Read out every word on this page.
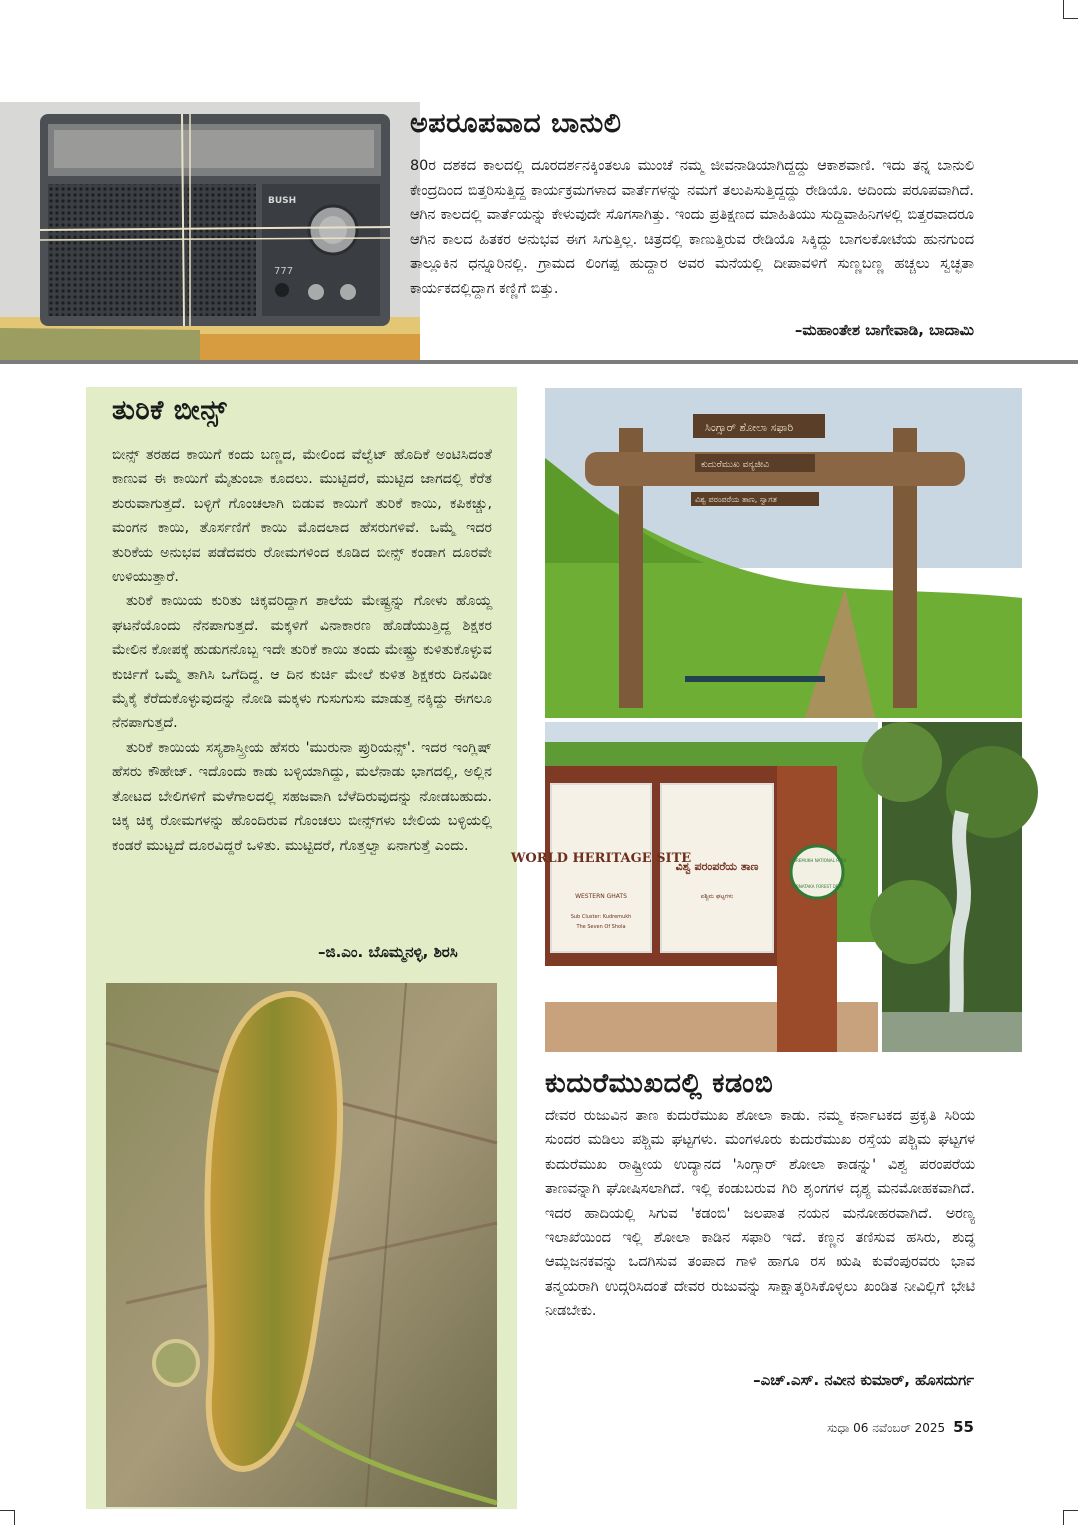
BUSH
777
ಅಪರೂಪವಾದ ಬಾನುಲಿ
80ರ ದಶಕದ ಕಾಲದಲ್ಲಿ ದೂರದರ್ಶನಕ್ಕಿಂತಲೂ ಮುಂಚೆ ನಮ್ಮ ಜೀವನಾಡಿಯಾಗಿದ್ದದ್ದು ಆಕಾಶವಾಣಿ. ಇದು ತನ್ನ ಬಾನುಲಿ ಕೇಂದ್ರದಿಂದ ಬಿತ್ತರಿಸುತ್ತಿದ್ದ ಕಾರ್ಯಕ್ರಮಗಳಾದ ವಾರ್ತೆಗಳನ್ನು ನಮಗೆ ತಲುಪಿಸುತ್ತಿದ್ದದ್ದು ರೇಡಿಯೊ. ಅದಿಂದು ಪರೂಪವಾಗಿದೆ. ಆಗಿನ ಕಾಲದಲ್ಲಿ ವಾರ್ತೆಯನ್ನು ಕೇಳುವುದೇ ಸೊಗಸಾಗಿತ್ತು. ಇಂದು ಪ್ರತಿಕ್ಷಣದ ಮಾಹಿತಿಯು ಸುದ್ದಿವಾಹಿನಿಗಳಲ್ಲಿ ಬಿತ್ತರವಾದರೂ ಆಗಿನ ಕಾಲದ ಹಿತಕರ ಅನುಭವ ಈಗ ಸಿಗುತ್ತಿಲ್ಲ. ಚಿತ್ರದಲ್ಲಿ ಕಾಣುತ್ತಿರುವ ರೇಡಿಯೊ ಸಿಕ್ಕಿದ್ದು ಬಾಗಲಕೋಟೆಯ ಹುನಗುಂದ ತಾಲ್ಲೂಕಿನ ಧನ್ನೂರಿನಲ್ಲಿ. ಗ್ರಾಮದ ಲಿಂಗಪ್ಪ ಹುದ್ದಾರ ಅವರ ಮನೆಯಲ್ಲಿ ದೀಪಾವಳಿಗೆ ಸುಣ್ಣಬಣ್ಣ ಹಚ್ಚಲು ಸ್ವಚ್ಛತಾ ಕಾರ್ಯಕದಲ್ಲಿದ್ದಾಗ ಕಣ್ಣಿಗೆ ಬಿತ್ತು.
–ಮಹಾಂತೇಶ ಬಾಗೇವಾಡಿ, ಬಾದಾಮಿ
ತುರಿಕೆ ಬೀನ್ಸ್

ಬೀನ್ಸ್ ತರಹದ ಕಾಯಿಗೆ ಕಂದು ಬಣ್ಣದ, ಮೇಲಿಂದ ವೆಲ್ವೆಟ್ ಹೊದಿಕೆ ಅಂಟಿಸಿದಂತೆ ಕಾಣುವ ಈ ಕಾಯಿಗೆ ಮೈತುಂಬಾ ಕೂದಲು. ಮುಟ್ಟಿದರೆ, ಮುಟ್ಟಿದ ಜಾಗದಲ್ಲಿ ಕೆರೆತ ಶುರುವಾಗುತ್ತದೆ. ಬಳ್ಳಿಗೆ ಗೊಂಚಲಾಗಿ ಬಿಡುವ ಕಾಯಿಗೆ ತುರಿಕೆ ಕಾಯಿ, ಕಪಿಕಚ್ಚು, ಮಂಗನ ಕಾಯಿ, ತೊರ್ಸಣಿಗೆ ಕಾಯಿ ಮೊದಲಾದ ಹೆಸರುಗಳಿವೆ. ಒಮ್ಮೆ ಇದರ ತುರಿಕೆಯ ಅನುಭವ ಪಡೆದವರು ರೋಮಗಳಿಂದ ಕೂಡಿದ ಬೀನ್ಸ್ ಕಂಡಾಗ ದೂರವೇ ಉಳಿಯುತ್ತಾರೆ.

ತುರಿಕೆ ಕಾಯಿಯ ಕುರಿತು ಚಿಕ್ಕವರಿದ್ದಾಗ ಶಾಲೆಯ ಮೇಷ್ಟ್ರನ್ನು ಗೋಳು ಹೊಯ್ದ ಘಟನೆಯೊಂದು ನೆನಪಾಗುತ್ತದೆ. ಮಕ್ಕಳಿಗೆ ವಿನಾಕಾರಣ ಹೊಡೆಯುತ್ತಿದ್ದ ಶಿಕ್ಷಕರ ಮೇಲಿನ ಕೋಪಕ್ಕೆ ಹುಡುಗನೊಬ್ಬ ಇದೇ ತುರಿಕೆ ಕಾಯಿ ತಂದು ಮೇಷ್ಟ್ರು ಕುಳಿತುಕೊಳ್ಳುವ ಕುರ್ಚಿಗೆ ಒಮ್ಮೆ ತಾಗಿಸಿ ಒಗೆದಿದ್ದ. ಆ ದಿನ ಕುರ್ಚಿ ಮೇಲೆ ಕುಳಿತ ಶಿಕ್ಷಕರು ದಿನವಿಡೀ ಮೈಕೈ ಕೆರೆದುಕೊಳ್ಳುವುದನ್ನು ನೋಡಿ ಮಕ್ಕಳು ಗುಸುಗುಸು ಮಾಡುತ್ತ ನಕ್ಕಿದ್ದು ಈಗಲೂ ನೆನಪಾಗುತ್ತದೆ.

ತುರಿಕೆ ಕಾಯಿಯ ಸಸ್ಯಶಾಸ್ತ್ರೀಯ ಹೆಸರು 'ಮುರುನಾ ಪ್ರುರಿಯನ್ಸ್'. ಇದರ ಇಂಗ್ಲಿಷ್ ಹೆಸರು ಕೌಹೇಜ್. ಇದೊಂದು ಕಾಡು ಬಳ್ಳಿಯಾಗಿದ್ದು, ಮಲೆನಾಡು ಭಾಗದಲ್ಲಿ, ಅಲ್ಲಿನ ತೋಟದ ಬೇಲಿಗಳಿಗೆ ಮಳೆಗಾಲದಲ್ಲಿ ಸಹಜವಾಗಿ ಬೆಳೆದಿರುವುದನ್ನು ನೋಡಬಹುದು. ಚಿಕ್ಕ ಚಿಕ್ಕ ರೋಮಗಳನ್ನು ಹೊಂದಿರುವ ಗೊಂಚಲು ಬೀನ್ಸ್‌ಗಳು ಬೇಲಿಯ ಬಳ್ಳಿಯಲ್ಲಿ ಕಂಡರೆ ಮುಟ್ಟದೆ ದೂರವಿದ್ದರೆ ಒಳಿತು. ಮುಟ್ಟಿದರೆ, ಗೊತ್ತಲ್ವಾ ಏನಾಗುತ್ತೆ ಎಂದು.

–ಜಿ.ಎಂ. ಬೊಮ್ಮನಳ್ಳಿ, ಶಿರಸಿ
ಸಿಂಗ್ಸಾರ್ ಶೋಲಾ ಸಫಾರಿ
ಕುದುರೆಮುಖ ವನ್ಯಜೀವಿ
ವಿಶ್ವ ಪರಂಪರೆಯ ತಾಣ, ಸ್ವಾಗತ
WORLD HERITAGE SITE
WESTERN GHATS
Sub Cluster: Kudremukh
The Seven Of Shola
ವಿಶ್ವ ಪರಂಪರೆಯ ತಾಣ
ಪಶ್ಚಿಮ ಘಟ್ಟಗಳು
KUDREMUKH NATIONAL PARK
KARNATAKA FOREST DEPT
ಕುದುರೆಮುಖದಲ್ಲಿ ಕಡಂಬಿ
ದೇವರ ರುಜುವಿನ ತಾಣ ಕುದುರೆಮುಖ ಶೋಲಾ ಕಾಡು. ನಮ್ಮ ಕರ್ನಾಟಕದ ಪ್ರಕೃತಿ ಸಿರಿಯ ಸುಂದರ ಮಡಿಲು ಪಶ್ಚಿಮ ಘಟ್ಟಗಳು. ಮಂಗಳೂರು ಕುದುರೆಮುಖ ರಸ್ತೆಯ ಪಶ್ಚಿಮ ಘಟ್ಟಗಳ ಕುದುರೆಮುಖ ರಾಷ್ಟ್ರೀಯ ಉದ್ಯಾನದ 'ಸಿಂಗ್ಸಾರ್ ಶೋಲಾ ಕಾಡನ್ನು' ವಿಶ್ವ ಪರಂಪರೆಯ ತಾಣವನ್ನಾಗಿ ಘೋಷಿಸಲಾಗಿದೆ. ಇಲ್ಲಿ ಕಂಡುಬರುವ ಗಿರಿ ಶೃಂಗಗಳ ದೃಶ್ಯ ಮನಮೋಹಕವಾಗಿದೆ. ಇದರ ಹಾದಿಯಲ್ಲಿ ಸಿಗುವ 'ಕಡಂಬಿ' ಜಲಪಾತ ನಯನ ಮನೋಹರವಾಗಿದೆ. ಅರಣ್ಯ ಇಲಾಖೆಯಿಂದ ಇಲ್ಲಿ ಶೋಲಾ ಕಾಡಿನ ಸಫಾರಿ ಇದೆ. ಕಣ್ಣನ ತಣಿಸುವ ಹಸಿರು, ಶುದ್ಧ ಆಮ್ಲಜನಕವನ್ನು ಒದಗಿಸುವ ತಂಪಾದ ಗಾಳಿ ಹಾಗೂ ರಸ ಋಷಿ ಕುವೆಂಪುರವರು ಭಾವ ತನ್ಮಯರಾಗಿ ಉದ್ಗರಿಸಿದಂತೆ ದೇವರ ರುಜುವನ್ನು ಸಾಕ್ಷಾತ್ಕರಿಸಿಕೊಳ್ಳಲು ಖಂಡಿತ ನೀವಿಲ್ಲಿಗೆ ಭೇಟಿ ನೀಡಬೇಕು.
–ಎಚ್.ಎಸ್. ನವೀನ ಕುಮಾರ್, ಹೊಸದುರ್ಗ
ಸುಧಾ 06 ನವೆಂಬರ್ 2025 55
